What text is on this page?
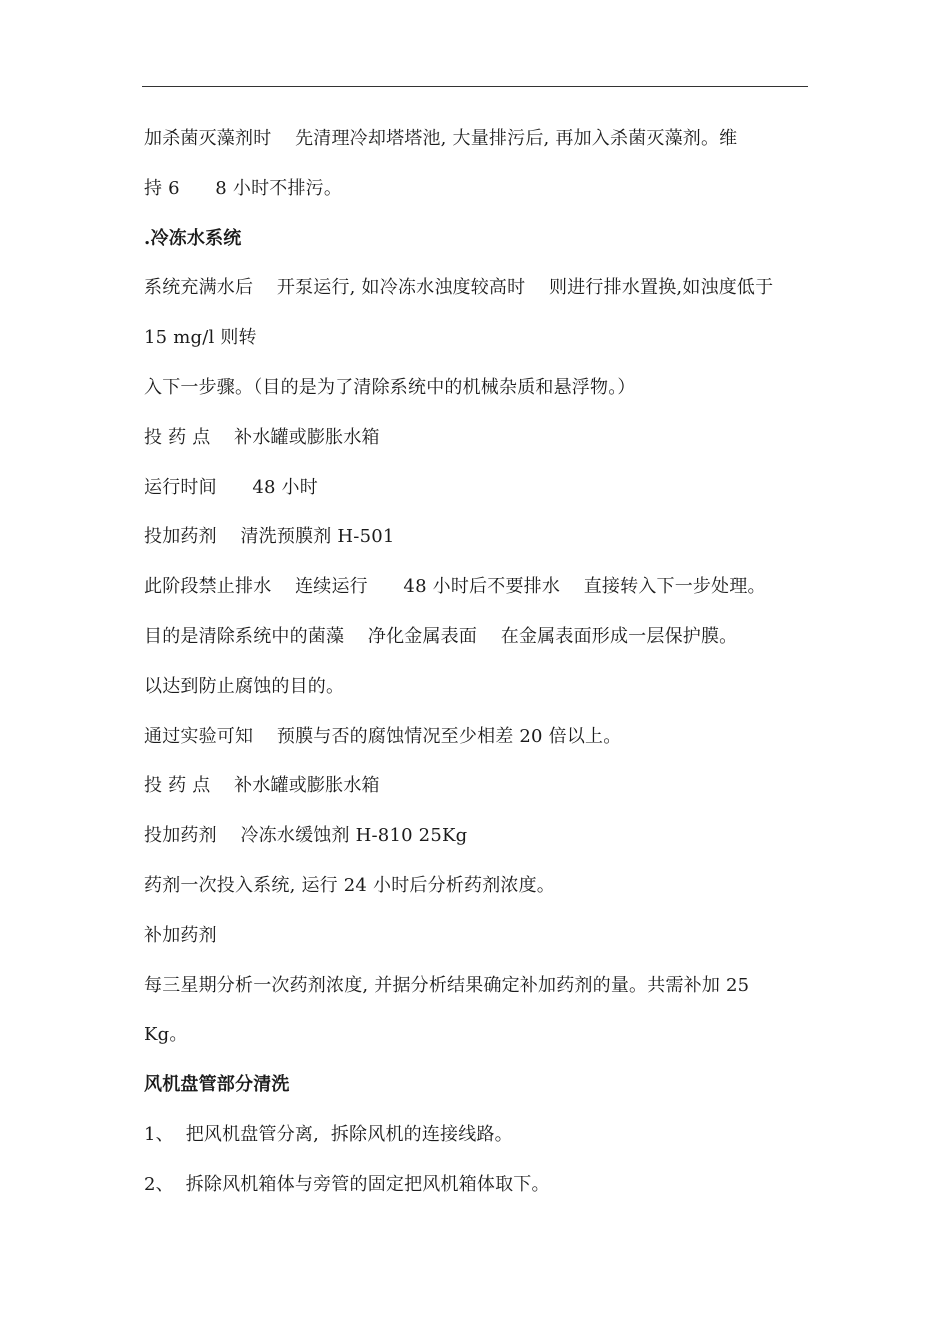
加杀菌灭藻剂时    先清理冷却塔塔池, 大量排污后, 再加入杀菌灭藻剂。维
持 6      8 小时不排污。
.冷冻水系统
系统充满水后    开泵运行, 如冷冻水浊度较高时    则进行排水置换,如浊度低于
15 mg/l 则转
入下一步骤。（目的是为了清除系统中的机械杂质和悬浮物。）
投 药 点    补水罐或膨胀水箱
运行时间      48 小时
投加药剂    清洗预膜剂 H-501
此阶段禁止排水    连续运行      48 小时后不要排水    直接转入下一步处理。
目的是清除系统中的菌藻    净化金属表面    在金属表面形成一层保护膜。
以达到防止腐蚀的目的。
通过实验可知    预膜与否的腐蚀情况至少相差 20 倍以上。
投 药 点    补水罐或膨胀水箱
投加药剂    冷冻水缓蚀剂 H-810 25Kg
药剂一次投入系统, 运行 24 小时后分析药剂浓度。
补加药剂
每三星期分析一次药剂浓度, 并据分析结果确定补加药剂的量。共需补加 25
Kg。
风机盘管部分清洗
1、  把风机盘管分离,  拆除风机的连接线路。
2、  拆除风机箱体与旁管的固定把风机箱体取下。
